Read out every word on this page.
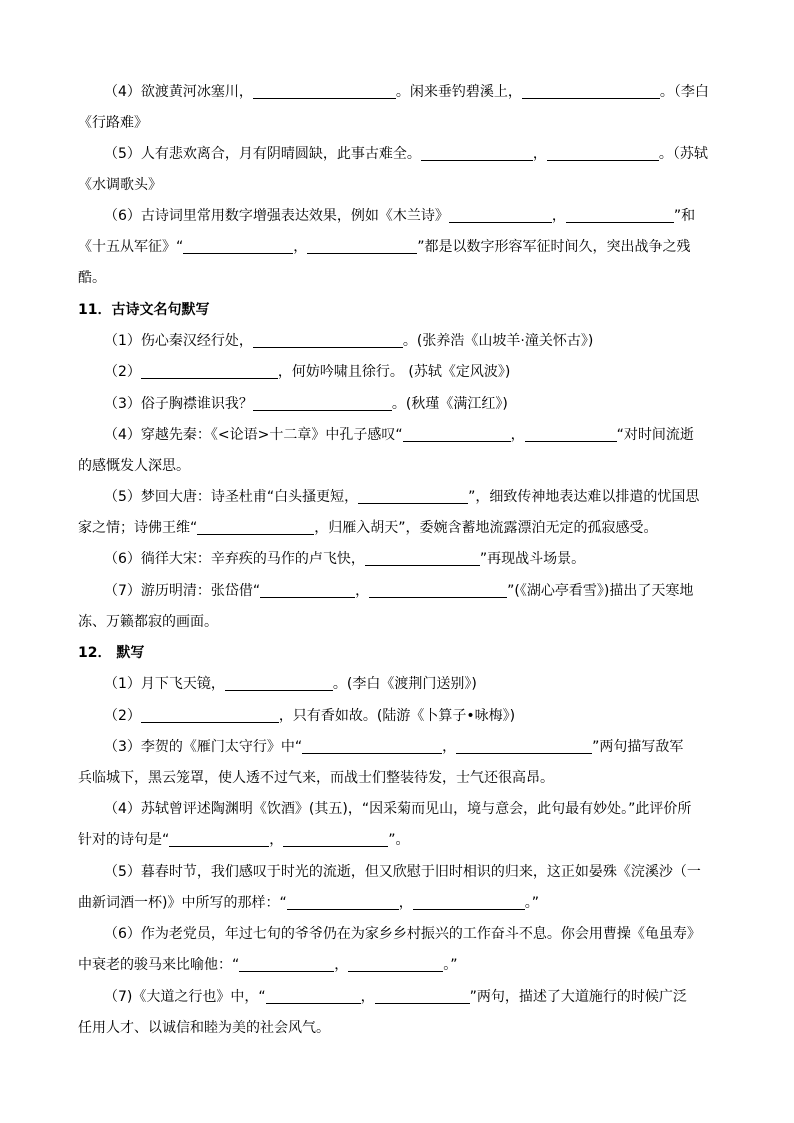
（4）欲渡黄河冰塞川，	。闲来垂钓碧溪上，	。（李白
《行路难》
（5）人有悲欢离合，月有阴晴圆缺，此事古难全。	，	。（苏轼
《水调歌头》
（6）古诗词里常用数字增强表达效果，例如《木兰诗》	，	”和
《十五从军征》“	，	”都是以数字形容军征时间久，突出战争之残
酷。
11．古诗文名句默写
（1）伤心秦汉经行处，	。(张养浩《山坡羊·潼关怀古》)
（2）	，何妨吟啸且徐行。 (苏轼《定风波》)
（3）俗子胸襟谁识我？	。(秋瑾《满江红》)
（4）穿越先秦：《<论语>十二章》中孔子感叹“	，	“对时间流逝
的感慨发人深思。
（5）梦回大唐：诗圣杜甫“白头搔更短，	”，细致传神地表达难以排遣的忧国思
家之情；诗佛王维“	，归雁入胡天”，委婉含蓄地流露漂泊无定的孤寂感受。
（6）徜徉大宋：辛弃疾的马作的卢飞快，	”再现战斗场景。
（7）游历明清：张岱借“	，	”(《湖心亭看雪》)描出了天寒地
冻、万籁都寂的画面。
12． 默写
（1）月下飞天镜，	。(李白《渡荆门送别》)
（2）	，只有香如故。(陆游《卜算子•咏梅》)
（3）李贺的《雁门太守行》中“	，	”两句描写敌军
兵临城下，黑云笼罩，使人透不过气来，而战士们整装待发，士气还很高昂。
（4）苏轼曾评述陶渊明《饮酒》(其五)，“因采菊而见山，境与意会，此句最有妙处。”此评价所
针对的诗句是“	，	”。
（5）暮春时节，我们感叹于时光的流逝，但又欣慰于旧时相识的归来，这正如晏殊《浣溪沙（一
曲新词酒一杯)》中所写的那样：“	，	。”
（6）作为老党员，年过七旬的爷爷仍在为家乡乡村振兴的工作奋斗不息。你会用曹操《龟虽寿》
中衰老的骏马来比喻他：“	，	。”
（7)《大道之行也》中，“	，	”两句，描述了大道施行的时候广泛
任用人才、以诚信和睦为美的社会风气。
